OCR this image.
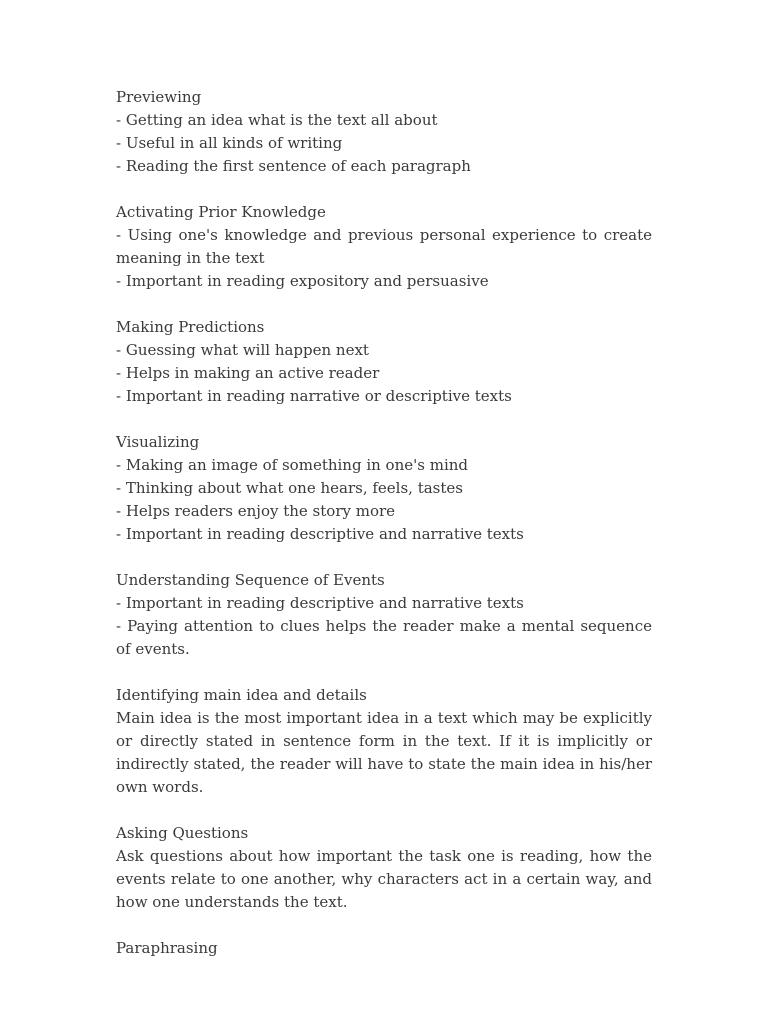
Previewing

- Getting an idea what is the text all about

- Useful in all kinds of writing

- Reading the first sentence of each paragraph

Activating Prior Knowledge

- Using one's knowledge and previous personal experience to create meaning in the text

- Important in reading expository and persuasive

Making Predictions

- Guessing what will happen next

- Helps in making an active reader

- Important in reading narrative or descriptive texts

Visualizing

- Making an image of something in one's mind

- Thinking about what one hears, feels, tastes

- Helps readers enjoy the story more

- Important in reading descriptive and narrative texts

Understanding Sequence of Events

- Important in reading descriptive and narrative texts

- Paying attention to clues helps the reader make a mental sequence of events.

Identifying main idea and details

Main idea is the most important idea in a text which may be explicitly or directly stated in sentence form in the text. If it is implicitly or indirectly stated, the reader will have to state the main idea in his/her own words.

Asking Questions

Ask questions about how important the task one is reading, how the events relate to one another, why characters act in a certain way, and how one understands the text.

Paraphrasing
